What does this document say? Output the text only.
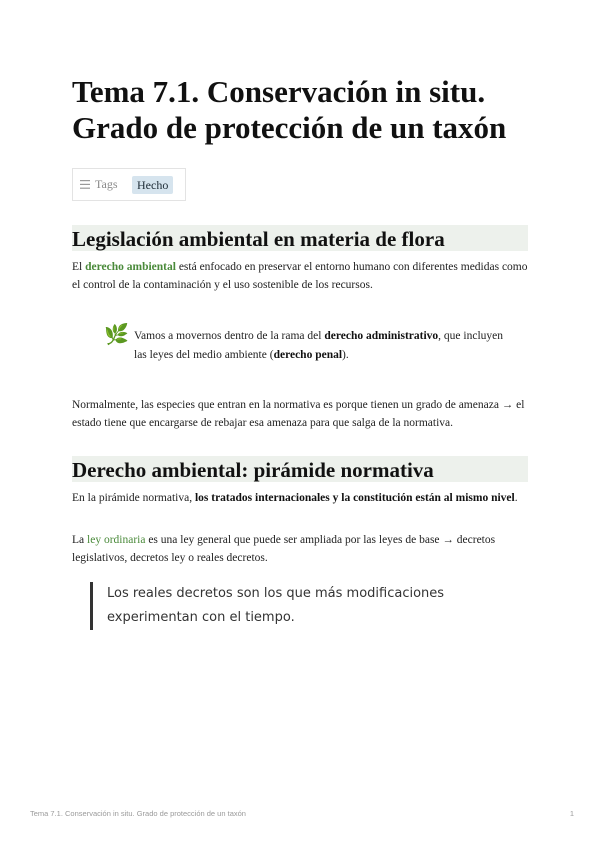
Tema 7.1. Conservación in situ.
Grado de protección de un taxón
Tags	Hecho
Legislación ambiental en materia de flora

El derecho ambiental está enfocado en preservar el entorno humano con diferentes medidas como el control de la contaminación y el uso sostenible de los recursos.

🌿 Vamos a movernos dentro de la rama del derecho administrativo, que incluyen las leyes del medio ambiente (derecho penal).

Normalmente, las especies que entran en la normativa es porque tienen un grado de amenaza → el estado tiene que encargarse de rebajar esa amenaza para que salga de la normativa.

Derecho ambiental: pirámide normativa

En la pirámide normativa, los tratados internacionales y la constitución están al mismo nivel.

La ley ordinaria es una ley general que puede ser ampliada por las leyes de base → decretos legislativos, decretos ley o reales decretos.

Los reales decretos son los que más modificaciones experimentan con el tiempo.
Tema 7.1. Conservación in situ. Grado de protección de un taxón	1
